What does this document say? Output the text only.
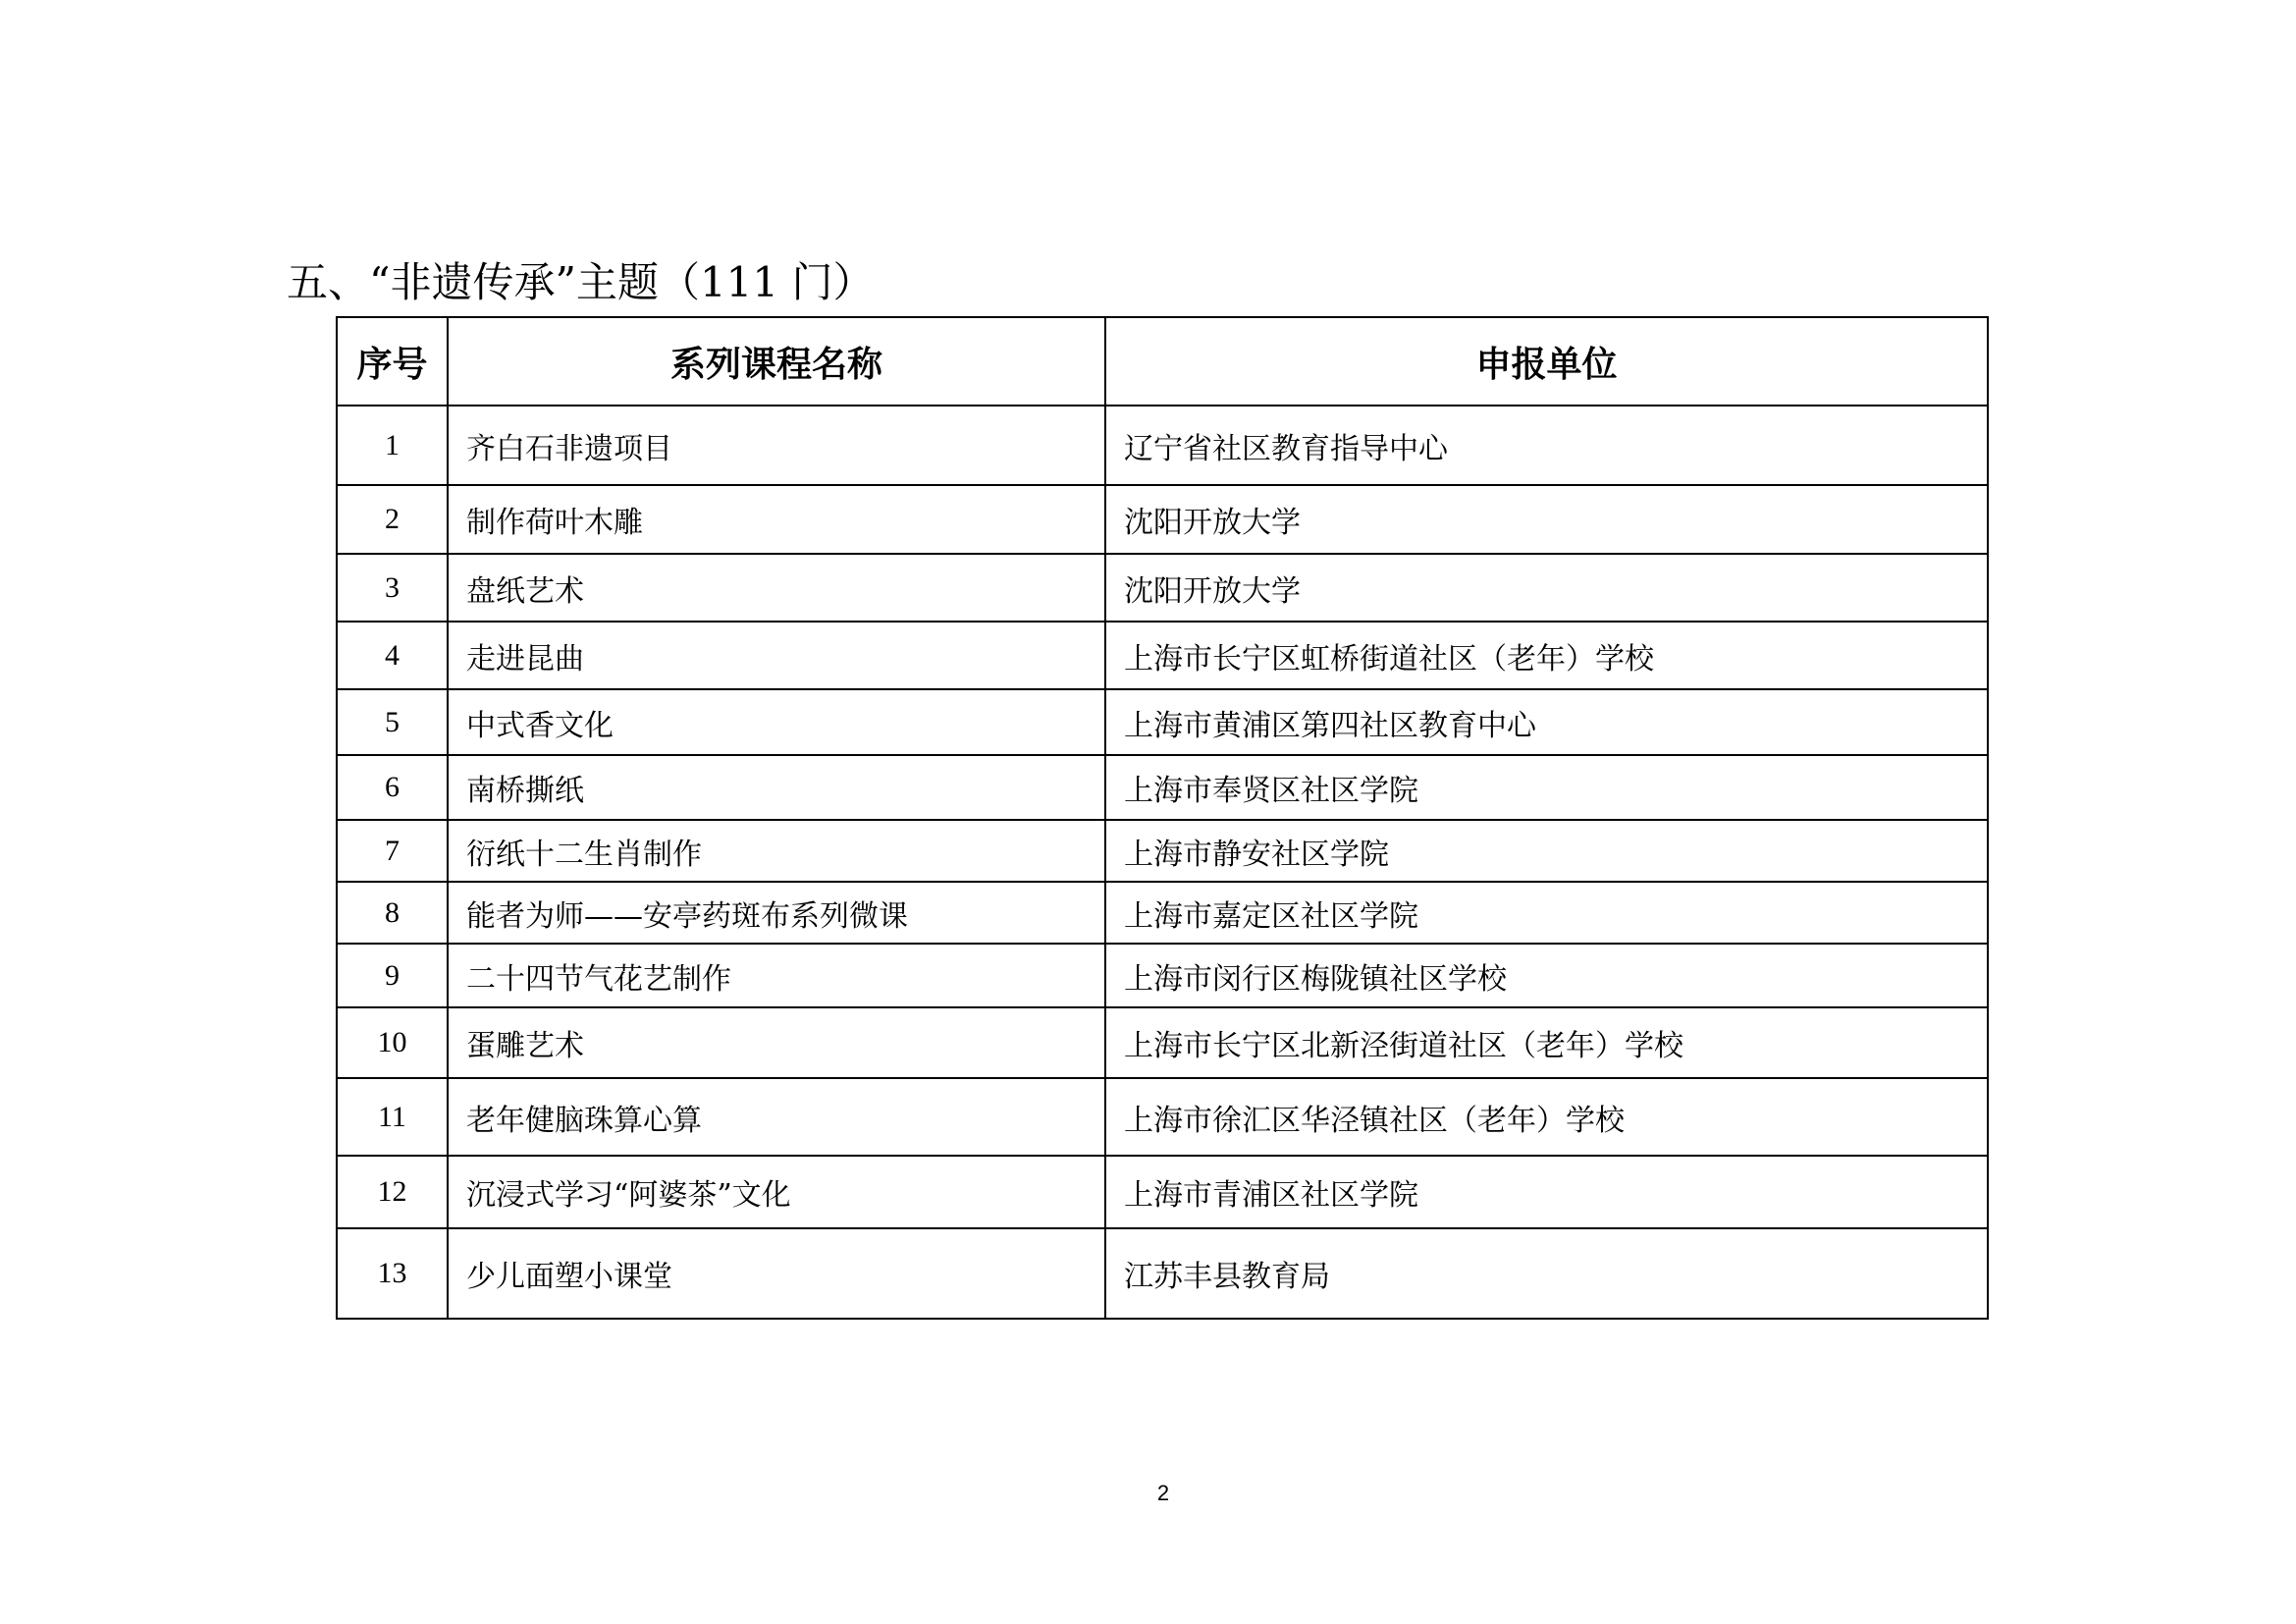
五、“非遗传承”主题（111 门）
序号	系列课程名称	申报单位
1	齐白石非遗项目	辽宁省社区教育指导中心
2	制作荷叶木雕	沈阳开放大学
3	盘纸艺术	沈阳开放大学
4	走进昆曲	上海市长宁区虹桥街道社区（老年）学校
5	中式香文化	上海市黄浦区第四社区教育中心
6	南桥撕纸	上海市奉贤区社区学院
7	衍纸十二生肖制作	上海市静安社区学院
8	能者为师——安亭药斑布系列微课	上海市嘉定区社区学院
9	二十四节气花艺制作	上海市闵行区梅陇镇社区学校
10	蛋雕艺术	上海市长宁区北新泾街道社区（老年）学校
11	老年健脑珠算心算	上海市徐汇区华泾镇社区（老年）学校
12	沉浸式学习“阿婆茶”文化	上海市青浦区社区学院
13	少儿面塑小课堂	江苏丰县教育局
2
